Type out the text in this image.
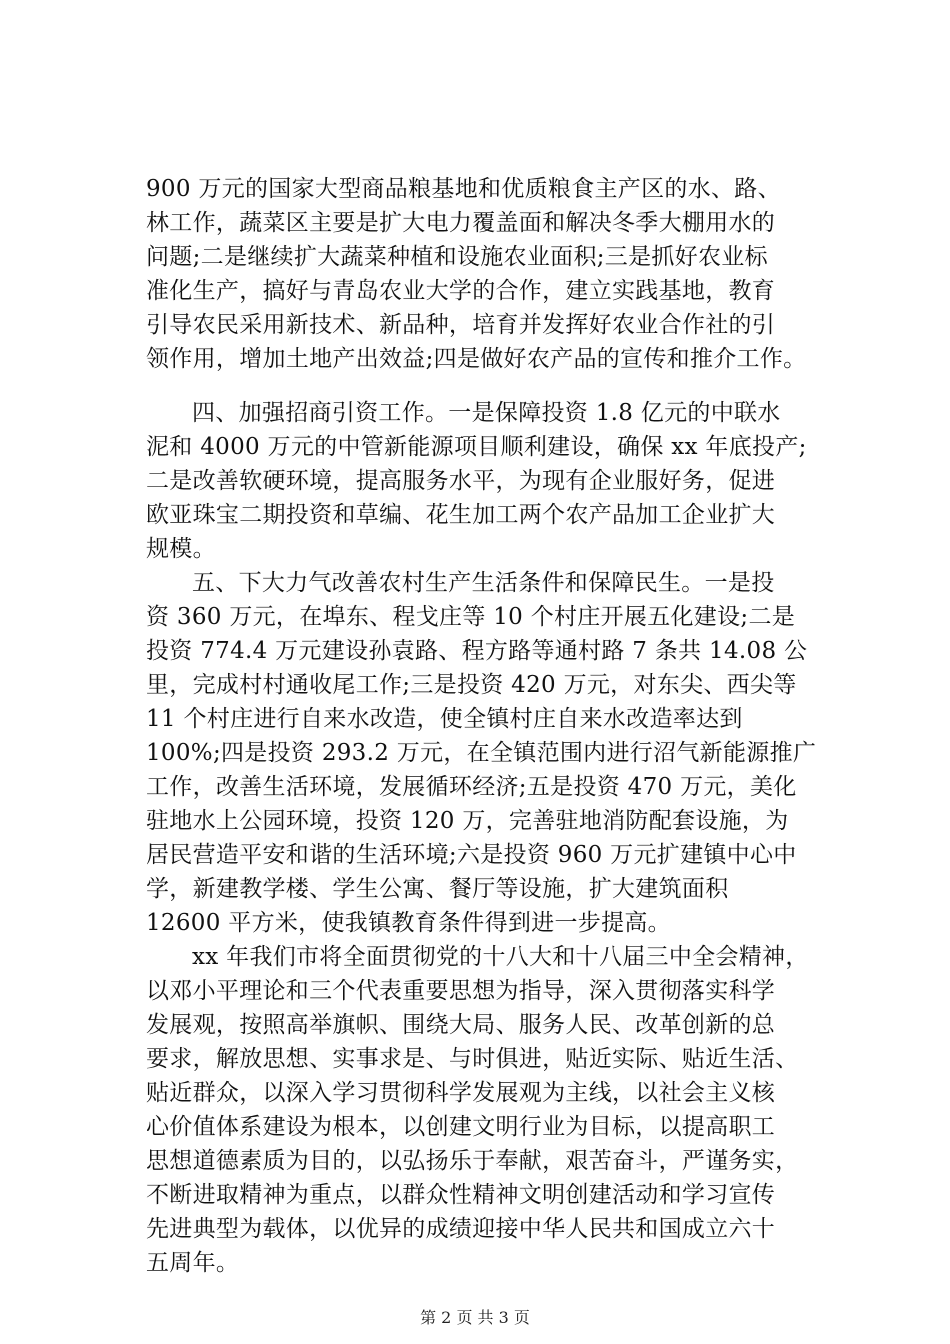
900 万元的国家大型商品粮基地和优质粮食主产区的水、路、
林工作，蔬菜区主要是扩大电力覆盖面和解决冬季大棚用水的
问题;二是继续扩大蔬菜种植和设施农业面积;三是抓好农业标
准化生产，搞好与青岛农业大学的合作，建立实践基地，教育
引导农民采用新技术、新品种，培育并发挥好农业合作社的引
领作用，增加土地产出效益;四是做好农产品的宣传和推介工作。
四、加强招商引资工作。一是保障投资 1.8 亿元的中联水
泥和 4000 万元的中管新能源项目顺利建设，确保 xx 年底投产;
二是改善软硬环境，提高服务水平，为现有企业服好务，促进
欧亚珠宝二期投资和草编、花生加工两个农产品加工企业扩大
规模。
五、下大力气改善农村生产生活条件和保障民生。一是投
资 360 万元，在埠东、程戈庄等 10 个村庄开展五化建设;二是
投资 774.4 万元建设孙袁路、程方路等通村路 7 条共 14.08 公
里，完成村村通收尾工作;三是投资 420 万元，对东尖、西尖等
11 个村庄进行自来水改造，使全镇村庄自来水改造率达到
100%;四是投资 293.2 万元，在全镇范围内进行沼气新能源推广
工作，改善生活环境，发展循环经济;五是投资 470 万元，美化
驻地水上公园环境，投资 120 万，完善驻地消防配套设施，为
居民营造平安和谐的生活环境;六是投资 960 万元扩建镇中心中
学，新建教学楼、学生公寓、餐厅等设施，扩大建筑面积
12600 平方米，使我镇教育条件得到进一步提高。
xx 年我们市将全面贯彻党的十八大和十八届三中全会精神，
以邓小平理论和三个代表重要思想为指导，深入贯彻落实科学
发展观，按照高举旗帜、围绕大局、服务人民、改革创新的总
要求，解放思想、实事求是、与时俱进，贴近实际、贴近生活、
贴近群众，以深入学习贯彻科学发展观为主线，以社会主义核
心价值体系建设为根本，以创建文明行业为目标，以提高职工
思想道德素质为目的，以弘扬乐于奉献，艰苦奋斗，严谨务实，
不断进取精神为重点，以群众性精神文明创建活动和学习宣传
先进典型为载体，以优异的成绩迎接中华人民共和国成立六十
五周年。
第 2 页 共 3 页
